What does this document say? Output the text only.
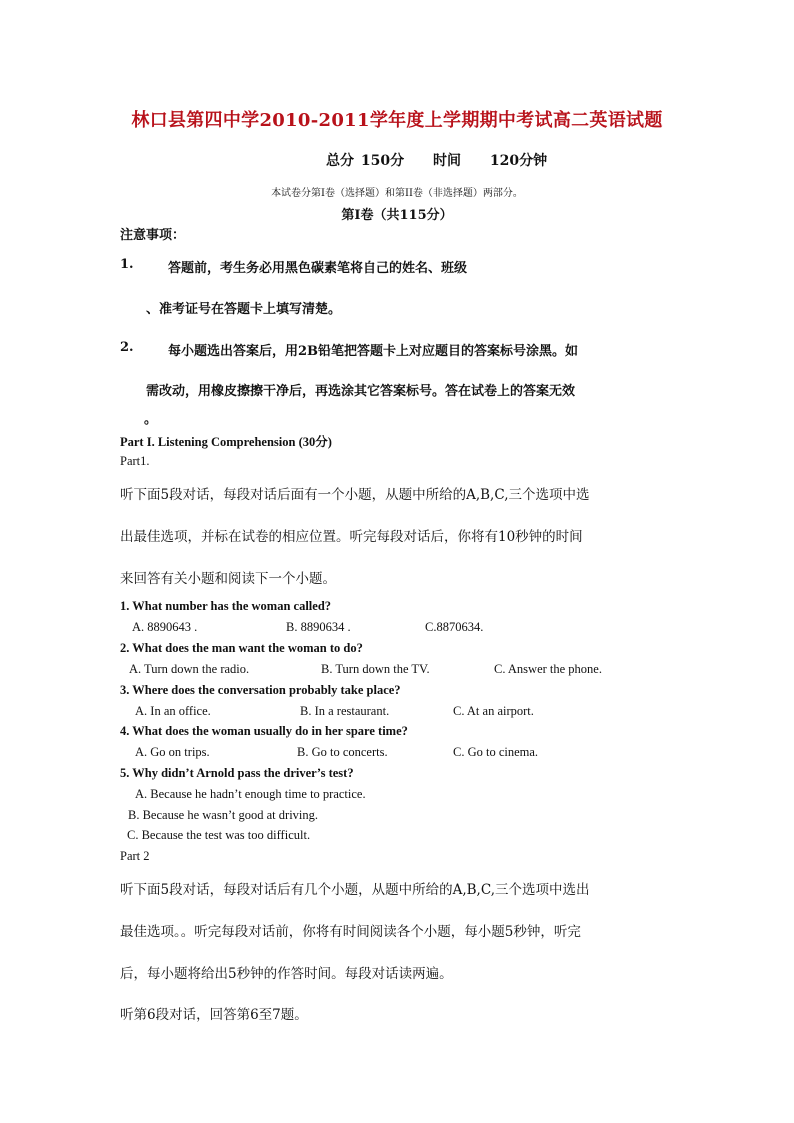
林口县第四中学2010-2011学年度上学期期中考试高二英语试题
总分 150分 时间 120分钟
本试卷分第I卷（选择题）和第II卷（非选择题）两部分。
第I卷（共115分）
注意事项：
1.	答题前，考生务必用黑色碳素笔将自己的姓名、班级
、准考证号在答题卡上填写清楚。
2.	每小题选出答案后，用2B铅笔把答题卡上对应题目的答案标号涂黑。如
需改动，用橡皮擦擦干净后，再选涂其它答案标号。答在试卷上的答案无效
。
Part I. Listening Comprehension (30分)
Part1.
听下面5段对话，每段对话后面有一个小题，从题中所给的A,B,C,三个选项中选
出最佳选项，并标在试卷的相应位置。听完每段对话后，你将有10秒钟的时间
来回答有关小题和阅读下一个小题。
1. What number has the woman called?
A. 8890643 .	B. 8890634 .	C.8870634.
2. What does the man want the woman to do?
A. Turn down the radio.	B. Turn down the TV.	C. Answer the phone.
3. Where does the conversation probably take place?
A. In an office.	B. In a restaurant.	C. At an airport.
4. What does the woman usually do in her spare time?
A. Go on trips.	B. Go to concerts.	C. Go to cinema.
5. Why didn’t Arnold pass the driver’s test?
A. Because he hadn’t enough time to practice.
B. Because he wasn’t good at driving.
C. Because the test was too difficult.
Part 2
听下面5段对话，每段对话后有几个小题，从题中所给的A,B,C,三个选项中选出
最佳选项。。听完每段对话前，你将有时间阅读各个小题，每小题5秒钟，听完
后，每小题将给出5秒钟的作答时间。每段对话读两遍。
听第6段对话，回答第6至7题。
